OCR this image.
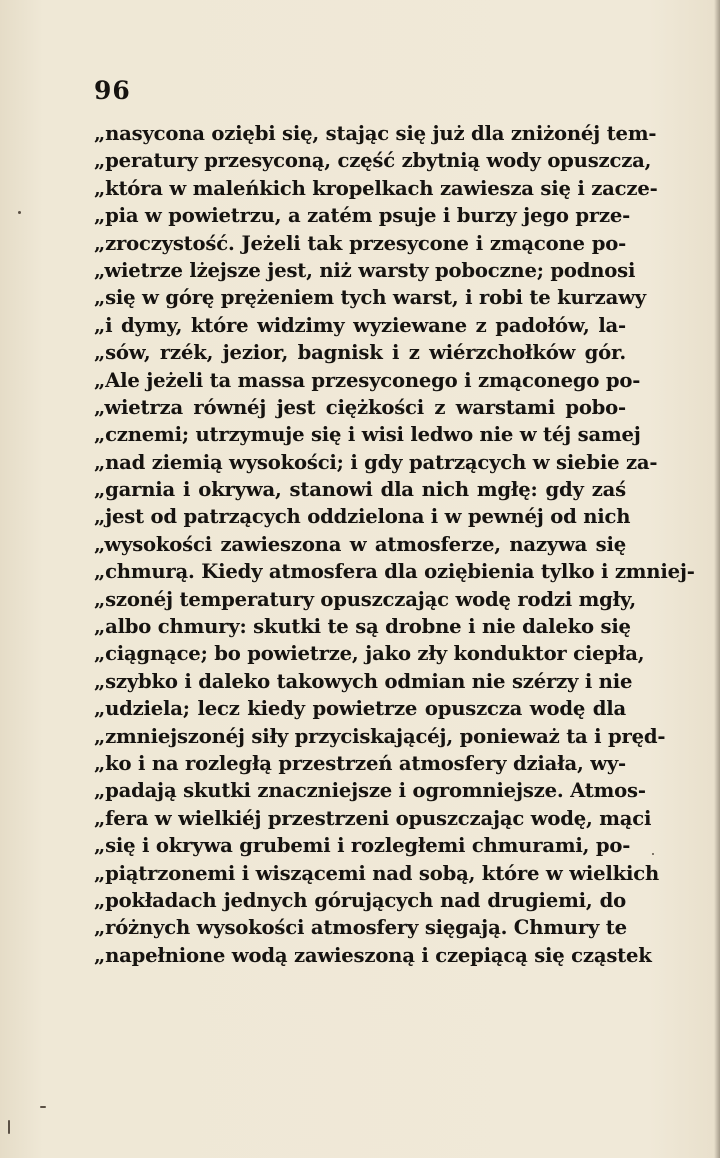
96
„nasycona oziębi się, stając się już dla zniżonéj tem-
„peratury przesyconą, część zbytnią wody opuszcza,
„która w maleńkich kropelkach zawiesza się i zacze-
„pia w powietrzu, a zatém psuje i burzy jego prze-
„zroczystość. Jeżeli tak przesycone i zmącone po-
„wietrze lżejsze jest, niż warsty poboczne; podnosi
„się w górę prężeniem tych warst, i robi te kurzawy
„i dymy, które widzimy wyziewane z padołów, la-
„sów, rzék, jezior, bagnisk i z wiérzchołków gór.
„Ale jeżeli ta massa przesyconego i zmąconego po-
„wietrza równéj jest ciężkości z warstami pobo-
„cznemi; utrzymuje się i wisi ledwo nie w téj samej
„nad ziemią wysokości; i gdy patrzących w siebie za-
„garnia i okrywa, stanowi dla nich mgłę: gdy zaś
„jest od patrzących oddzielona i w pewnéj od nich
„wysokości zawieszona w atmosferze, nazywa się
„chmurą. Kiedy atmosfera dla oziębienia tylko i zmniej-
„szonéj temperatury opuszczając wodę rodzi mgły,
„albo chmury: skutki te są drobne i nie daleko się
„ciągnące; bo powietrze, jako zły konduktor ciepła,
„szybko i daleko takowych odmian nie szérzy i nie
„udziela; lecz kiedy powietrze opuszcza wodę dla
„zmniejszonéj siły przyciskającéj, ponieważ ta i pręd-
„ko i na rozległą przestrzeń atmosfery działa, wy-
„padają skutki znaczniejsze i ogromniejsze. Atmos-
„fera w wielkiéj przestrzeni opuszczając wodę, mąci
„się i okrywa grubemi i rozległemi chmurami, po-
„piątrzonemi i wiszącemi nad sobą, które w wielkich
„pokładach jednych górujących nad drugiemi, do
„różnych wysokości atmosfery sięgają. Chmury te
„napełnione wodą zawieszoną i czepiącą się cząstek
